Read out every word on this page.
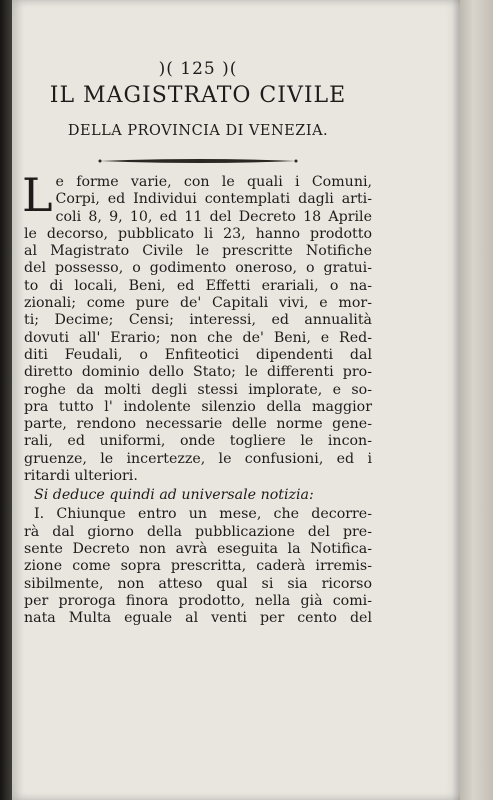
)( 125 )(
IL MAGISTRATO CIVILE
DELLA PROVINCIA DI VENEZIA.
L e forme varie, con le quali i Comuni,
Corpi, ed Individui contemplati dagli arti-
coli 8, 9, 10, ed 11 del Decreto 18 Aprile
le decorso, pubblicato li 23, hanno prodotto
al Magistrato Civile le prescritte Notifiche
del possesso, o godimento oneroso, o gratui-
to di locali, Beni, ed Effetti erariali, o na-
zionali; come pure de' Capitali vivi, e mor-
ti; Decime; Censi; interessi, ed annualità
dovuti all' Erario; non che de' Beni, e Red-
diti Feudali, o Enfiteotici dipendenti dal
diretto dominio dello Stato; le differenti pro-
roghe da molti degli stessi implorate, e so-
pra tutto l' indolente silenzio della maggior
parte, rendono necessarie delle norme gene-
rali, ed uniformi, onde togliere le incon-
gruenze, le incertezze, le confusioni, ed i
ritardi ulteriori.
Si deduce quindi ad universale notizia:
I. Chiunque entro un mese, che decorre-
rà dal giorno della pubblicazione del pre-
sente Decreto non avrà eseguita la Notifica-
zione come sopra prescritta, caderà irremis-
sibilmente, non atteso qual si sia ricorso
per proroga finora prodotto, nella già comi-
nata Multa eguale al venti per cento del
